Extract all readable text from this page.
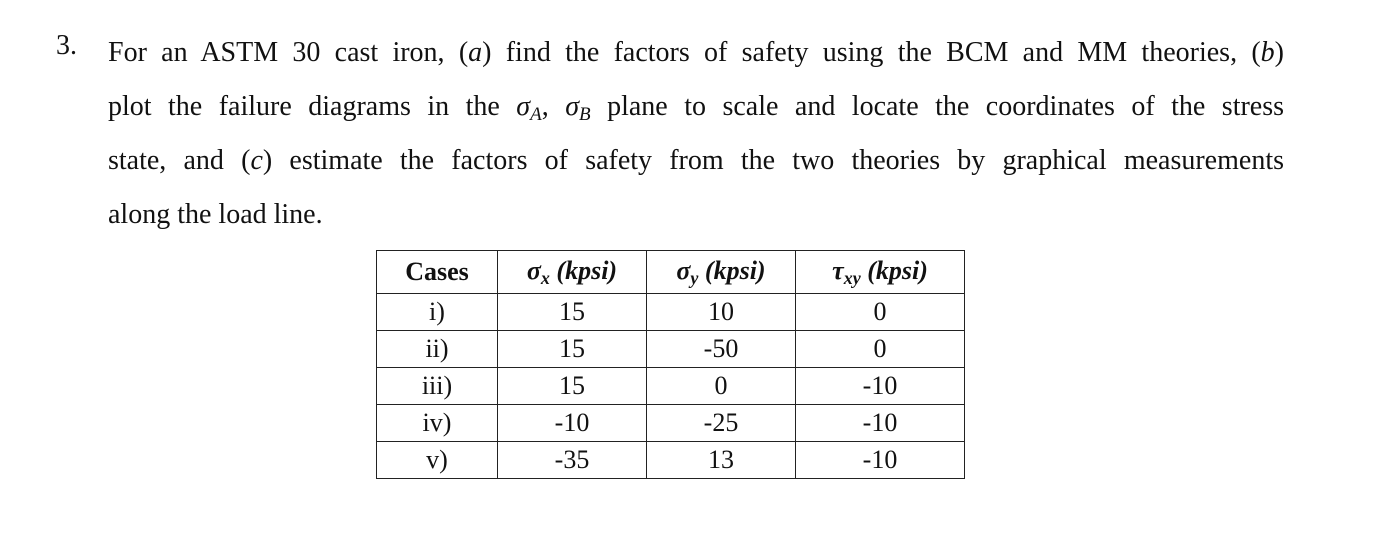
3. For an ASTM 30 cast iron, (a) find the factors of safety using the BCM and MM theories, (b)
plot the failure diagrams in the $\sigma_A$, $\sigma_B$ plane to scale and locate the coordinates of the stress
state, and (c) estimate the factors of safety from the two theories by graphical measurements
along the load line.
Cases	σx (kpsi)	σy (kpsi)	τxy (kpsi)
i)	15	10	0
ii)	15	-50	0
iii)	15	0	-10
iv)	-10	-25	-10
v)	-35	13	-10
